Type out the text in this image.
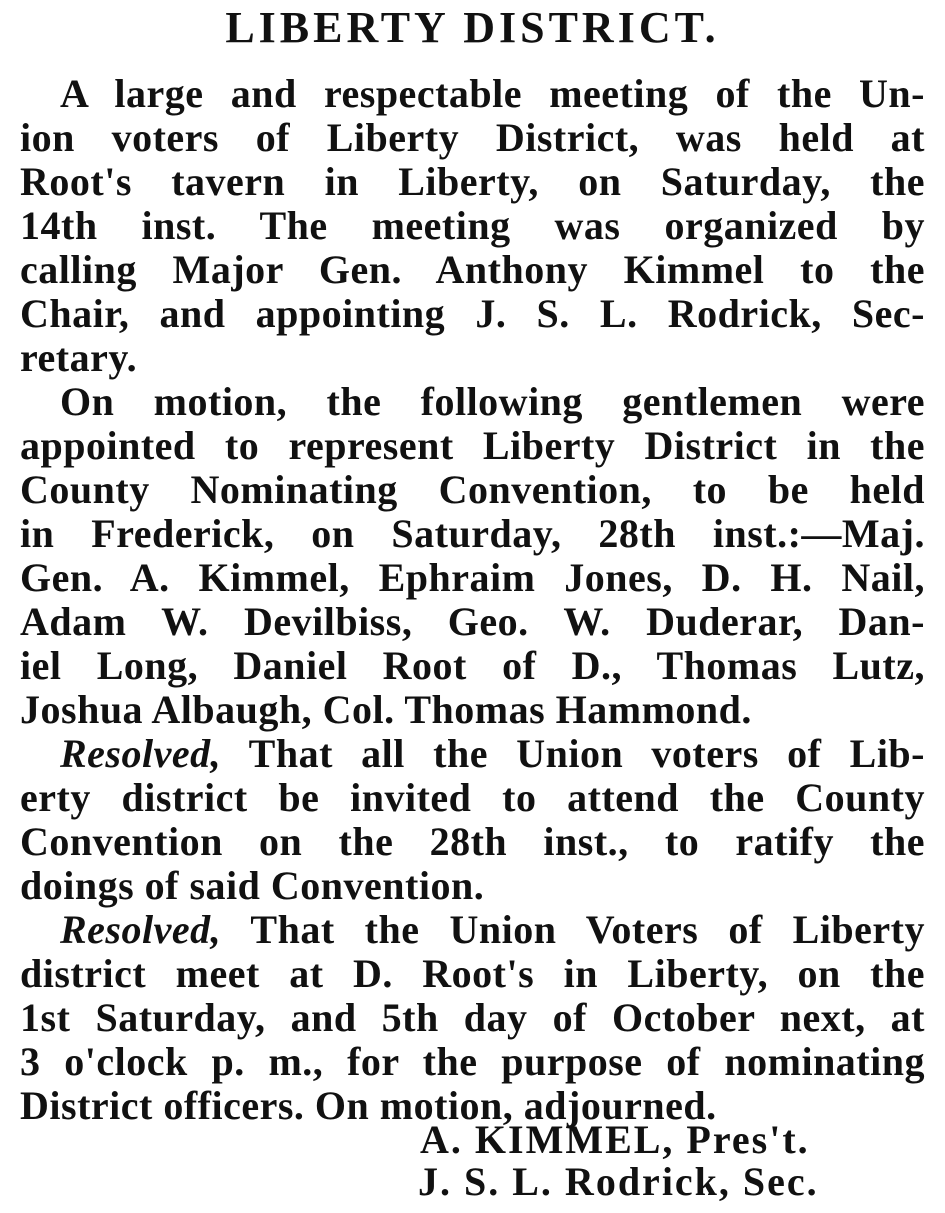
LIBERTY DISTRICT.
A large and respectable meeting of the Un-
ion voters of Liberty District, was held at
Root's tavern in Liberty, on Saturday, the
14th inst. The meeting was organized by
calling Major Gen. Anthony Kimmel to the
Chair, and appointing J. S. L. Rodrick, Sec-
retary.
On motion, the following gentlemen were
appointed to represent Liberty District in the
County Nominating Convention, to be held
in Frederick, on Saturday, 28th inst.:—Maj.
Gen. A. Kimmel, Ephraim Jones, D. H. Nail,
Adam W. Devilbiss, Geo. W. Duderar, Dan-
iel Long, Daniel Root of D., Thomas Lutz,
Joshua Albaugh, Col. Thomas Hammond.
Resolved, That all the Union voters of Lib-
erty district be invited to attend the County
Convention on the 28th inst., to ratify the
doings of said Convention.
Resolved, That the Union Voters of Liberty
district meet at D. Root's in Liberty, on the
1st Saturday, and 5th day of October next, at
3 o'clock p. m., for the purpose of nominating
District officers. On motion, adjourned.
A. KIMMEL, Pres't.
J. S. L. Rodrick, Sec.
